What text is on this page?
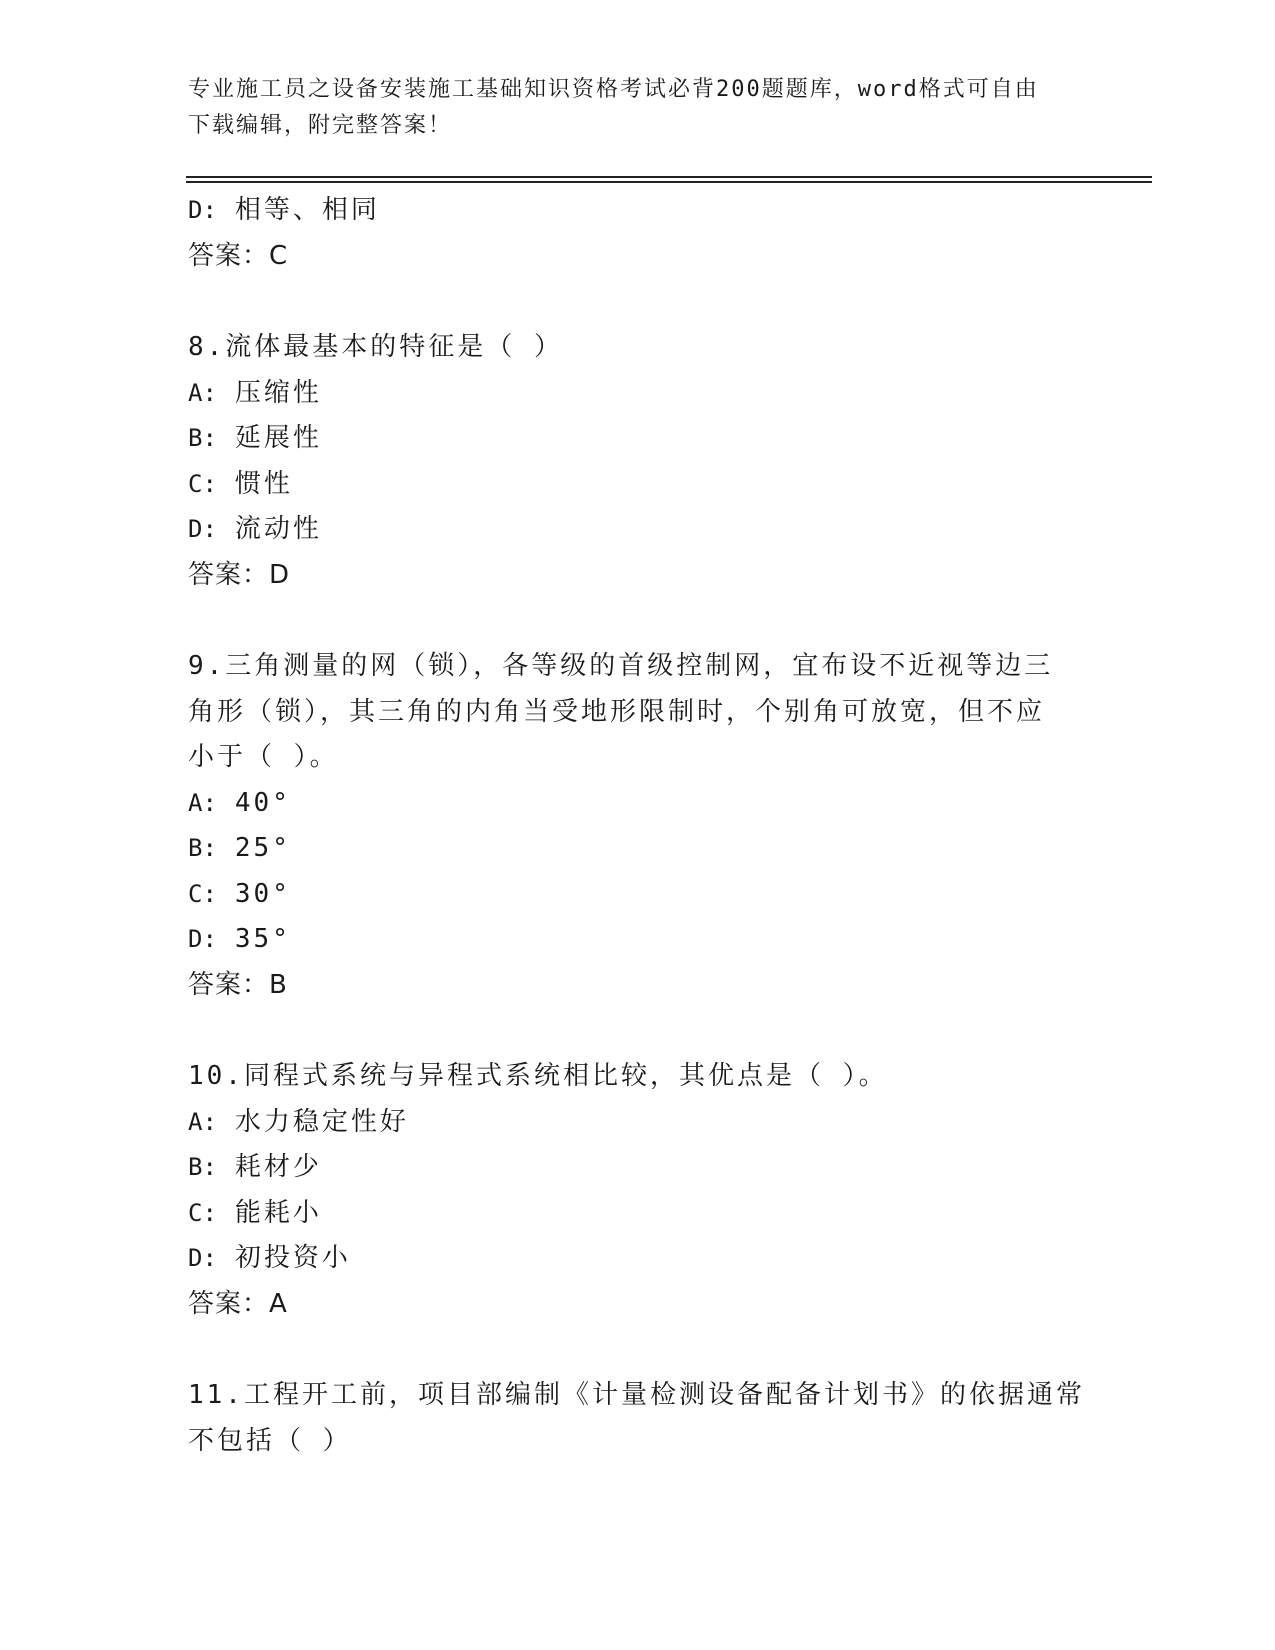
专业施工员之设备安装施工基础知识资格考试必背200题题库，word格式可自由
下载编辑，附完整答案！
D: 相等、相同
答案：C
8.流体最基本的特征是（ ）
A: 压缩性
B: 延展性
C: 惯性
D: 流动性
答案：D
9.三角测量的网（锁），各等级的首级控制网，宜布设不近视等边三
角形（锁），其三角的内角当受地形限制时，个别角可放宽，但不应
小于（ ）。
A: 40°
B: 25°
C: 30°
D: 35°
答案：B
10.同程式系统与异程式系统相比较，其优点是（ ）。
A: 水力稳定性好
B: 耗材少
C: 能耗小
D: 初投资小
答案：A
11.工程开工前，项目部编制《计量检测设备配备计划书》的依据通常
不包括（ ）
